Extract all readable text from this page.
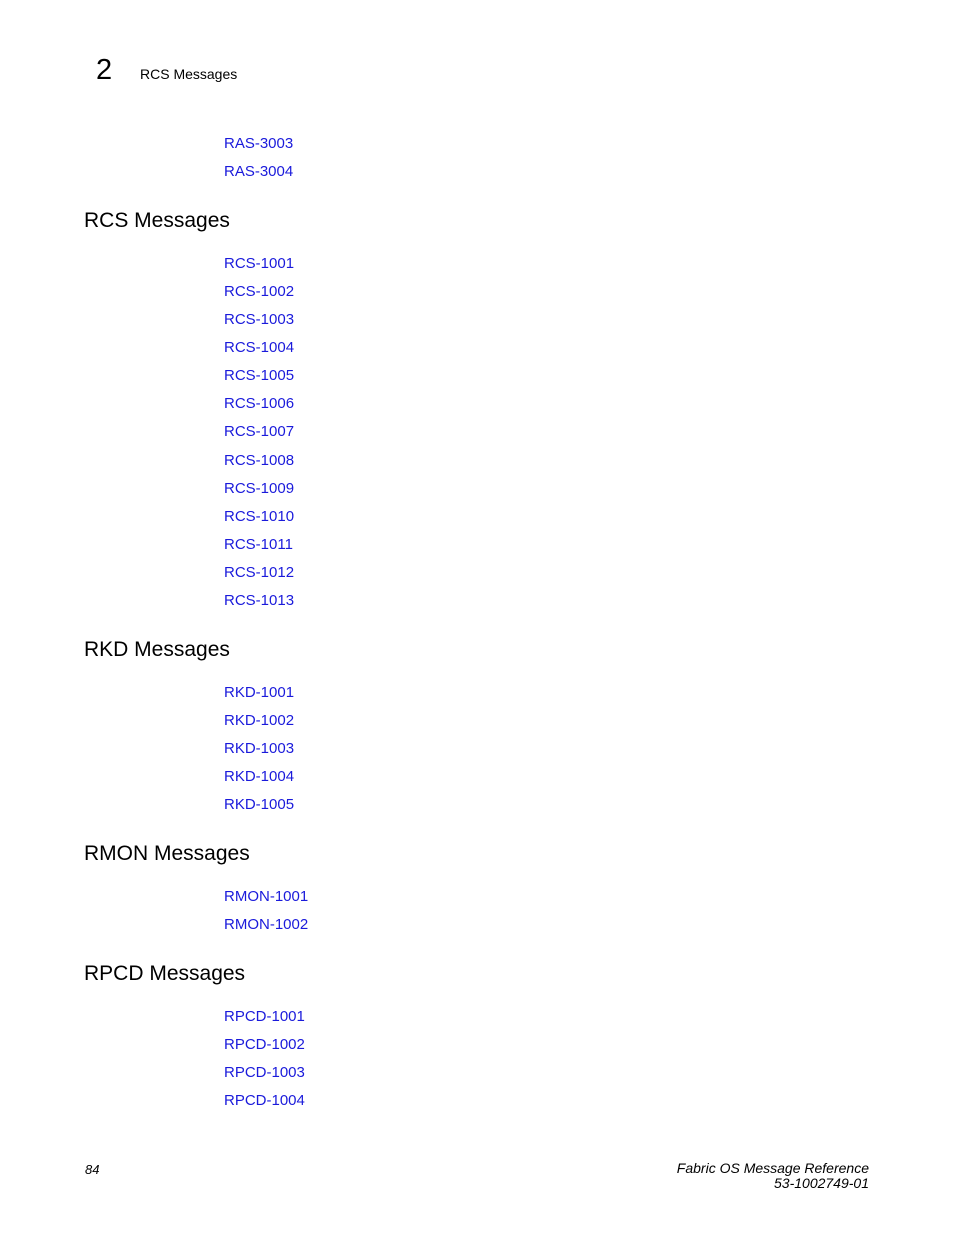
2 RCS Messages
RAS-3003
RAS-3004
RCS Messages
RCS-1001
RCS-1002
RCS-1003
RCS-1004
RCS-1005
RCS-1006
RCS-1007
RCS-1008
RCS-1009
RCS-1010
RCS-1011
RCS-1012
RCS-1013
RKD Messages
RKD-1001
RKD-1002
RKD-1003
RKD-1004
RKD-1005
RMON Messages
RMON-1001
RMON-1002
RPCD Messages
RPCD-1001
RPCD-1002
RPCD-1003
RPCD-1004
84	Fabric OS Message Reference
53-1002749-01
